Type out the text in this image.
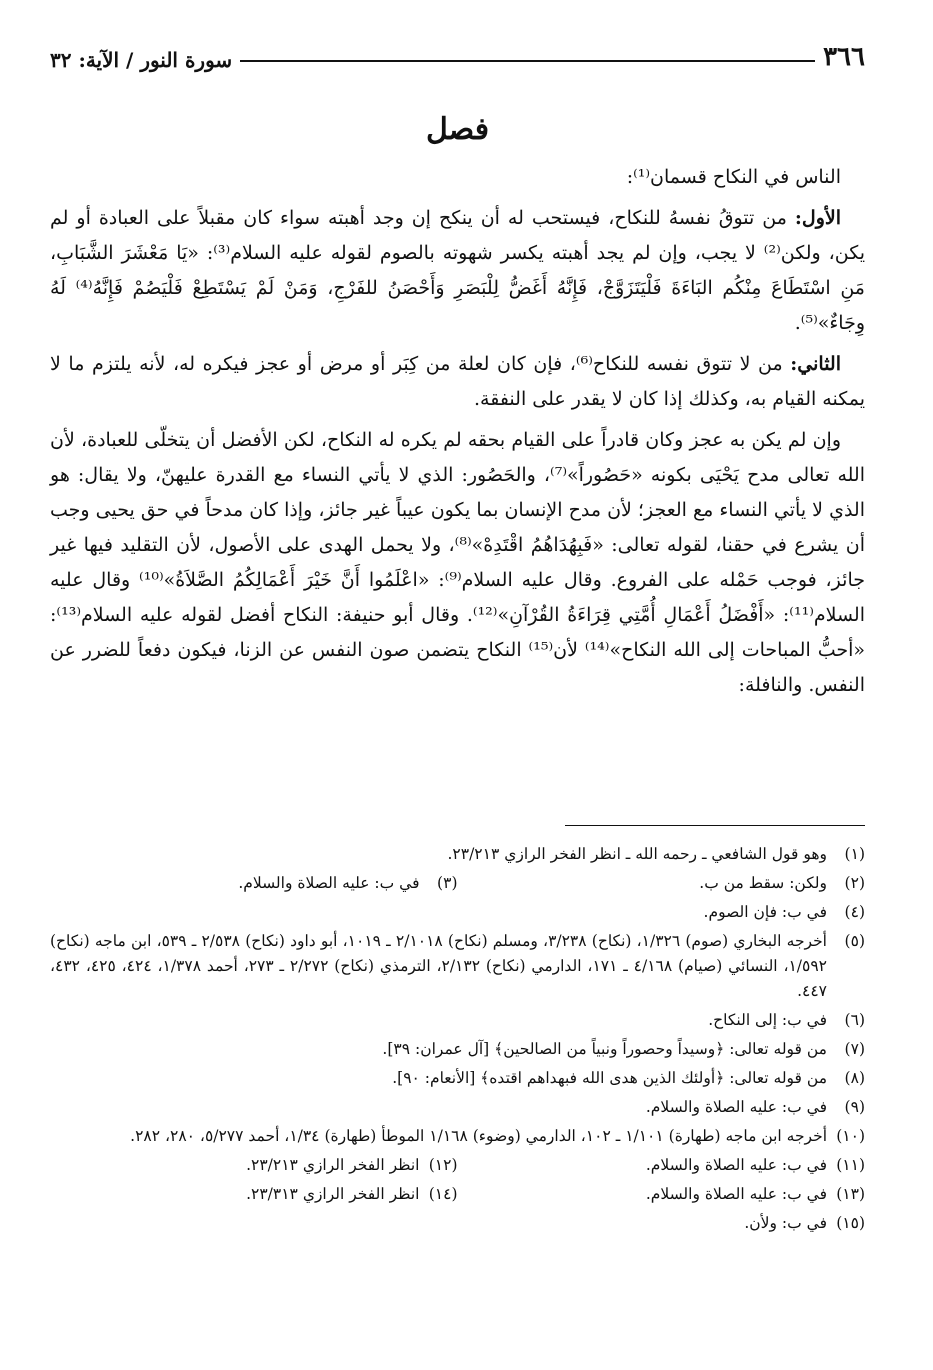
٣٦٦
سورة النور / الآية: ٣٢
فصل

الناس في النكاح قسمان⁽¹⁾:

الأول: من تتوقُ نفسهُ للنكاح، فيستحب له أن ينكح إن وجد أهبته سواء كان مقبلاً على العبادة أو لم يكن، ولكن⁽²⁾ لا يجب، وإن لم يجد أهبته يكسر شهوته بالصوم لقوله عليه السلام⁽³⁾: «يَا مَعْشَرَ الشَّبَابِ، مَنِ اسْتَطَاعَ مِنْكُم البَاءَةَ فَلْيَتَزَوَّجْ، فَإِنَّهُ أَغَضُّ لِلْبَصَرِ وَأَحْصَنُ للفَرْجِ، وَمَنْ لَمْ يَسْتَطِعْ فَلْيَصُمْ فَإِنَّهُ⁽⁴⁾ لَهُ وِجَاءٌ»⁽⁵⁾.

الثاني: من لا تتوق نفسه للنكاح⁽⁶⁾، فإن كان لعلة من كِبَر أو مرض أو عجز فيكره له، لأنه يلتزم ما لا يمكنه القيام به، وكذلك إذا كان لا يقدر على النفقة.

وإن لم يكن به عجز وكان قادراً على القيام بحقه لم يكره له النكاح، لكن الأفضل أن يتخلّى للعبادة، لأن الله تعالى مدح يَحْيَى بكونه «حَصُوراً»⁽⁷⁾، والحَصُور: الذي لا يأتي النساء مع القدرة عليهنّ، ولا يقال: هو الذي لا يأتي النساء مع العجز؛ لأن مدح الإنسان بما يكون عيباً غير جائز، وإذا كان مدحاً في حق يحيى وجب أن يشرع في حقنا، لقوله تعالى: «فَبِهُدَاهُمُ اقْتَدِهْ»⁽⁸⁾، ولا يحمل الهدى على الأصول، لأن التقليد فيها غير جائز، فوجب حَمْله على الفروع. وقال عليه السلام⁽⁹⁾: «اعْلَمُوا أَنَّ خَيْرَ أَعْمَالِكُمُ الصَّلاَةُ»⁽¹⁰⁾ وقال عليه السلام⁽¹¹⁾: «أَفْضَلُ أَعْمَالِ أُمَّتِي قِرَاءَةُ القُرْآنِ»⁽¹²⁾. وقال أبو حنيفة: النكاح أفضل لقوله عليه السلام⁽¹³⁾: «أحبُّ المباحات إلى الله النكاح»⁽¹⁴⁾ لأن⁽¹⁵⁾ النكاح يتضمن صون النفس عن الزنا، فيكون دفعاً للضرر عن النفس. والنافلة:

(١)
وهو قول الشافعي ـ رحمه الله ـ انظر الفخر الرازي ٢٣/٢١٣.
(٢)
ولكن: سقط من ب.
(٣)
في ب: عليه الصلاة والسلام.
(٤)
في ب: فإن الصوم.
(٥)
أخرجه البخاري (صوم) ١/٣٢٦، (نكاح) ٣/٢٣٨، ومسلم (نكاح) ٢/١٠١٨ ـ ١٠١٩، أبو داود (نكاح) ٢/٥٣٨ ـ ٥٣٩، ابن ماجه (نكاح) ١/٥٩٢، النسائي (صيام) ٤/١٦٨ ـ ١٧١، الدارمي (نكاح) ٢/١٣٢، الترمذي (نكاح) ٢/٢٧٢ ـ ٢٧٣، أحمد ١/٣٧٨، ٤٢٤، ٤٢٥، ٤٣٢، ٤٤٧.
(٦)
في ب: إلى النكاح.
(٧)
من قوله تعالى: ﴿وسيداً وحصوراً ونبياً من الصالحين﴾ [آل عمران: ٣٩].
(٨)
من قوله تعالى: ﴿أولئك الذين هدى الله فبهداهم اقتده﴾ [الأنعام: ٩٠].
(٩)
في ب: عليه الصلاة والسلام.
(١٠)
أخرجه ابن ماجه (طهارة) ١/١٠١ ـ ١٠٢، الدارمي (وضوء) ١/١٦٨ الموطأ (طهارة) ١/٣٤، أحمد ٥/٢٧٧، ٢٨٠، ٢٨٢.
(١١)
في ب: عليه الصلاة والسلام.
(١٢)
انظر الفخر الرازي ٢٣/٢١٣.
(١٣)
في ب: عليه الصلاة والسلام.
(١٤)
انظر الفخر الرازي ٢٣/٣١٣.
(١٥)
في ب: ولأن.
